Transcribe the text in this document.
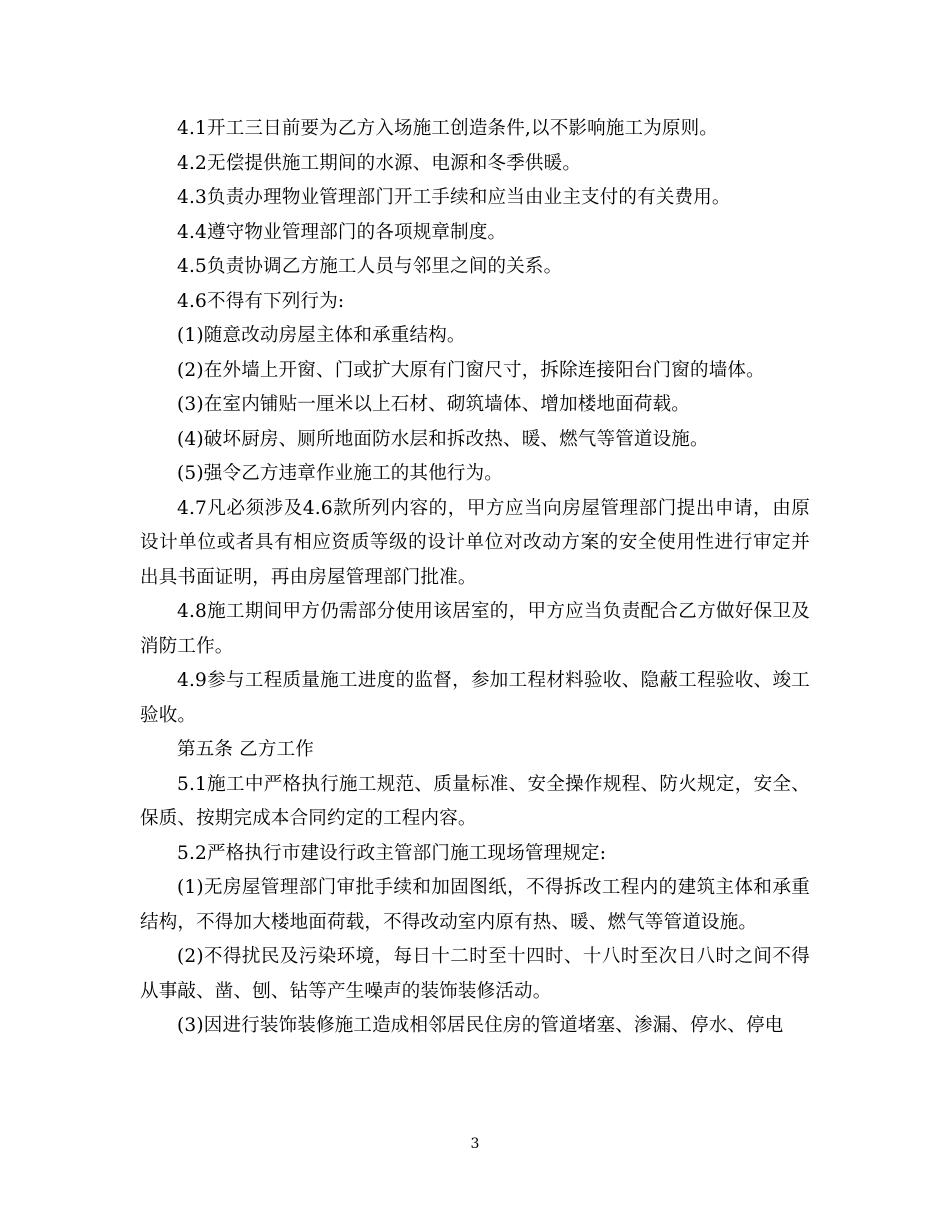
4.1开工三日前要为乙方入场施工创造条件,以不影响施工为原则。

4.2无偿提供施工期间的水源、电源和冬季供暖。

4.3负责办理物业管理部门开工手续和应当由业主支付的有关费用。

4.4遵守物业管理部门的各项规章制度。

4.5负责协调乙方施工人员与邻里之间的关系。

4.6不得有下列行为:

(1)随意改动房屋主体和承重结构。

(2)在外墙上开窗、门或扩大原有门窗尺寸，拆除连接阳台门窗的墙体。

(3)在室内铺贴一厘米以上石材、砌筑墙体、增加楼地面荷载。

(4)破坏厨房、厕所地面防水层和拆改热、暖、燃气等管道设施。

(5)强令乙方违章作业施工的其他行为。

4.7凡必须涉及4.6款所列内容的，甲方应当向房屋管理部门提出申请，由原设计单位或者具有相应资质等级的设计单位对改动方案的安全使用性进行审定并出具书面证明，再由房屋管理部门批准。

4.8施工期间甲方仍需部分使用该居室的，甲方应当负责配合乙方做好保卫及消防工作。

4.9参与工程质量施工进度的监督，参加工程材料验收、隐蔽工程验收、竣工验收。

第五条 乙方工作

5.1施工中严格执行施工规范、质量标准、安全操作规程、防火规定，安全、保质、按期完成本合同约定的工程内容。

5.2严格执行市建设行政主管部门施工现场管理规定:

(1)无房屋管理部门审批手续和加固图纸，不得拆改工程内的建筑主体和承重结构，不得加大楼地面荷载，不得改动室内原有热、暖、燃气等管道设施。

(2)不得扰民及污染环境，每日十二时至十四时、十八时至次日八时之间不得从事敲、凿、刨、钻等产生噪声的装饰装修活动。

(3)因进行装饰装修施工造成相邻居民住房的管道堵塞、渗漏、停水、停电

3
